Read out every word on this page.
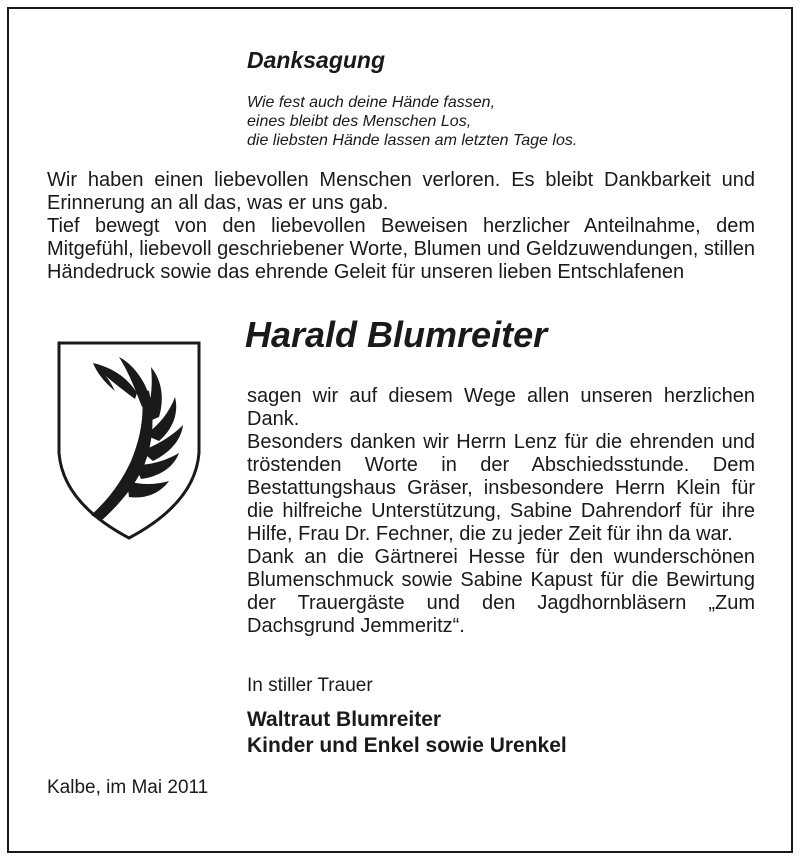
Danksagung
Wie fest auch deine Hände fassen,
eines bleibt des Menschen Los,
die liebsten Hände lassen am letzten Tage los.

Wir haben einen liebevollen Menschen verloren. Es bleibt Dankbarkeit und Erinnerung an all das, was er uns gab.

Tief bewegt von den liebevollen Beweisen herzlicher Anteilnahme, dem Mitgefühl, liebevoll geschriebener Worte, Blumen und Geldzuwendungen, stillen Händedruck sowie das ehrende Geleit für unseren lieben Entschlafenen

Harald Blumreiter

sagen wir auf diesem Wege allen unseren herzlichen Dank.

Besonders danken wir Herrn Lenz für die ehrenden und tröstenden Worte in der Abschiedsstunde. Dem Bestattungshaus Gräser, insbesondere Herrn Klein für die hilfreiche Unterstützung, Sabine Dahrendorf für ihre Hilfe, Frau Dr. Fechner, die zu jeder Zeit für ihn da war.

Dank an die Gärtnerei Hesse für den wunderschönen Blumenschmuck sowie Sabine Kapust für die Bewirtung der Trauergäste und den Jagdhornbläsern „Zum Dachsgrund Jemmeritz“.

In stiller Trauer

Waltraut Blumreiter
Kinder und Enkel sowie Urenkel

Kalbe, im Mai 2011
